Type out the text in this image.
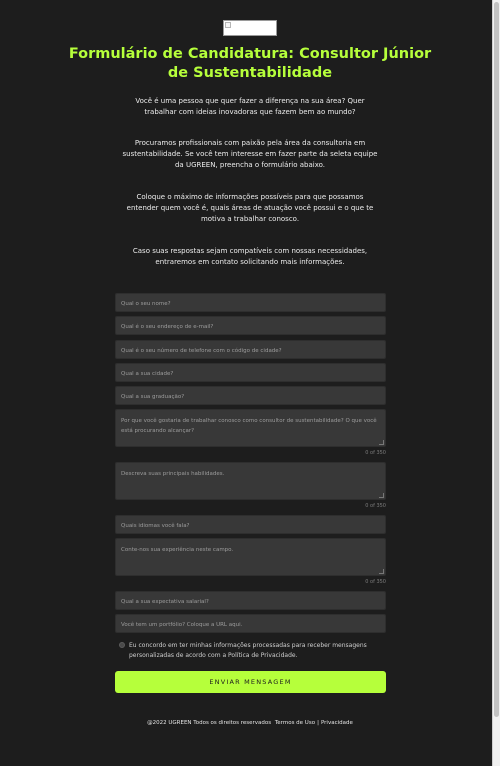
Formulário de Candidatura: Consultor Júnior de Sustentabilidade

Você é uma pessoa que quer fazer a diferença na sua área? Quer trabalhar com ideias inovadoras que fazem bem ao mundo?

Procuramos profissionais com paixão pela área da consultoria em sustentabilidade. Se você tem interesse em fazer parte da seleta equipe da UGREEN, preencha o formulário abaixo.

Coloque o máximo de informações possíveis para que possamos entender quem você é, quais áreas de atuação você possui e o que te motiva a trabalhar conosco.

Caso suas respostas sejam compatíveis com nossas necessidades, entraremos em contato solicitando mais informações.

Qual o seu nome?
Qual é o seu endereço de e-mail?
Qual é o seu número de telefone com o código de cidade?
Qual a sua cidade?
Qual a sua graduação?
Por que você gostaria de trabalhar conosco como consultor de sustentabilidade? O que você está procurando alcançar?
0 of 350
Descreva suas principais habilidades.
0 of 350
Quais idiomas você fala?
Conte-nos sua experiência neste campo.
0 of 350
Qual a sua expectativa salarial?
Você tem um portfólio? Coloque a URL aqui.

Eu concordo em ter minhas informações processadas para receber mensagens personalizadas de acordo com a Política de Privacidade.

ENVIAR MENSAGEM
@2022 UGREEN Todos os direitos reservados Termos de Uso | Privacidade
